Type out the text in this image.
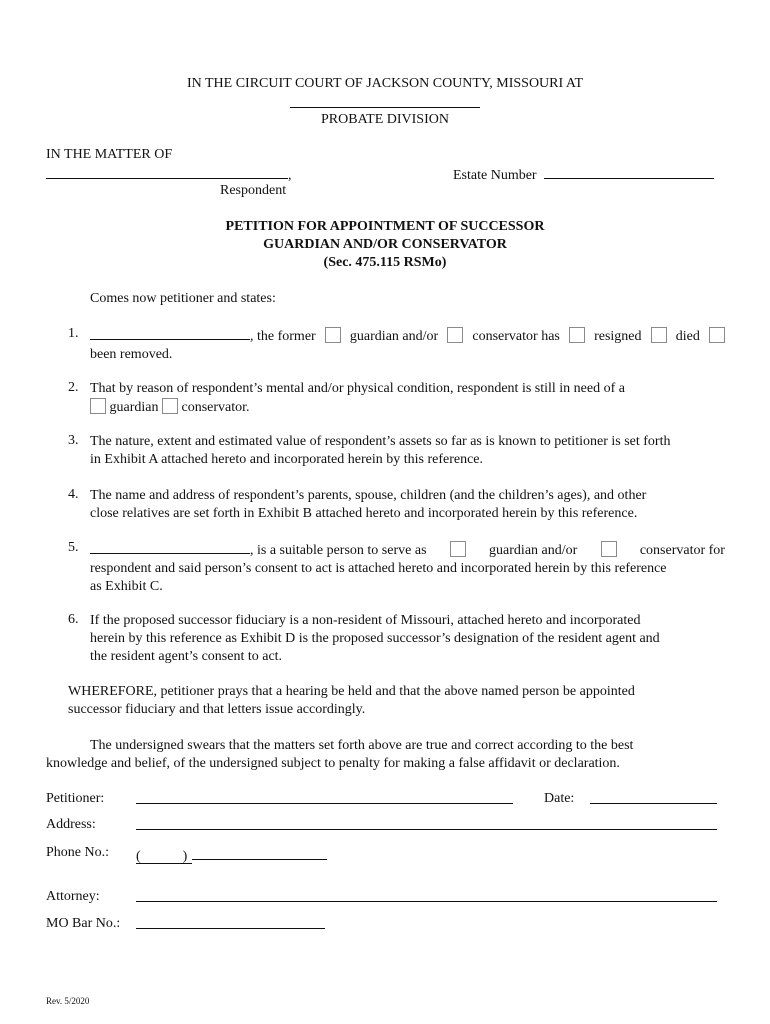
IN THE CIRCUIT COURT OF JACKSON COUNTY, MISSOURI AT
PROBATE DIVISION
IN THE MATTER OF
,
Respondent
Estate Number
PETITION FOR APPOINTMENT OF SUCCESSOR
GUARDIAN AND/OR CONSERVATOR
(Sec. 475.115 RSMo)
Comes now petitioner and states:
1.	, the former guardian and/or conservator has resigned died
been removed.
2. That by reason of respondent’s mental and/or physical condition, respondent is still in need of a
guardian conservator.
3. The nature, extent and estimated value of respondent’s assets so far as is known to petitioner is set forth
in Exhibit A attached hereto and incorporated herein by this reference.
4. The name and address of respondent’s parents, spouse, children (and the children’s ages), and other
close relatives are set forth in Exhibit B attached hereto and incorporated herein by this reference.
5.	, is a suitable person to serve as	guardian and/or	conservator for
respondent and said person’s consent to act is attached hereto and incorporated herein by this reference
as Exhibit C.
6. If the proposed successor fiduciary is a non-resident of Missouri, attached hereto and incorporated
herein by this reference as Exhibit D is the proposed successor’s designation of the resident agent and
the resident agent’s consent to act.
WHEREFORE, petitioner prays that a hearing be held and that the above named person be appointed
successor fiduciary and that letters issue accordingly.
The undersigned swears that the matters set forth above are true and correct according to the best
knowledge and belief, of the undersigned subject to penalty for making a false affidavit or declaration.
Petitioner:	Date:
Address:
Phone No.: (	)
Attorney:
MO Bar No.:
Rev. 5/2020
